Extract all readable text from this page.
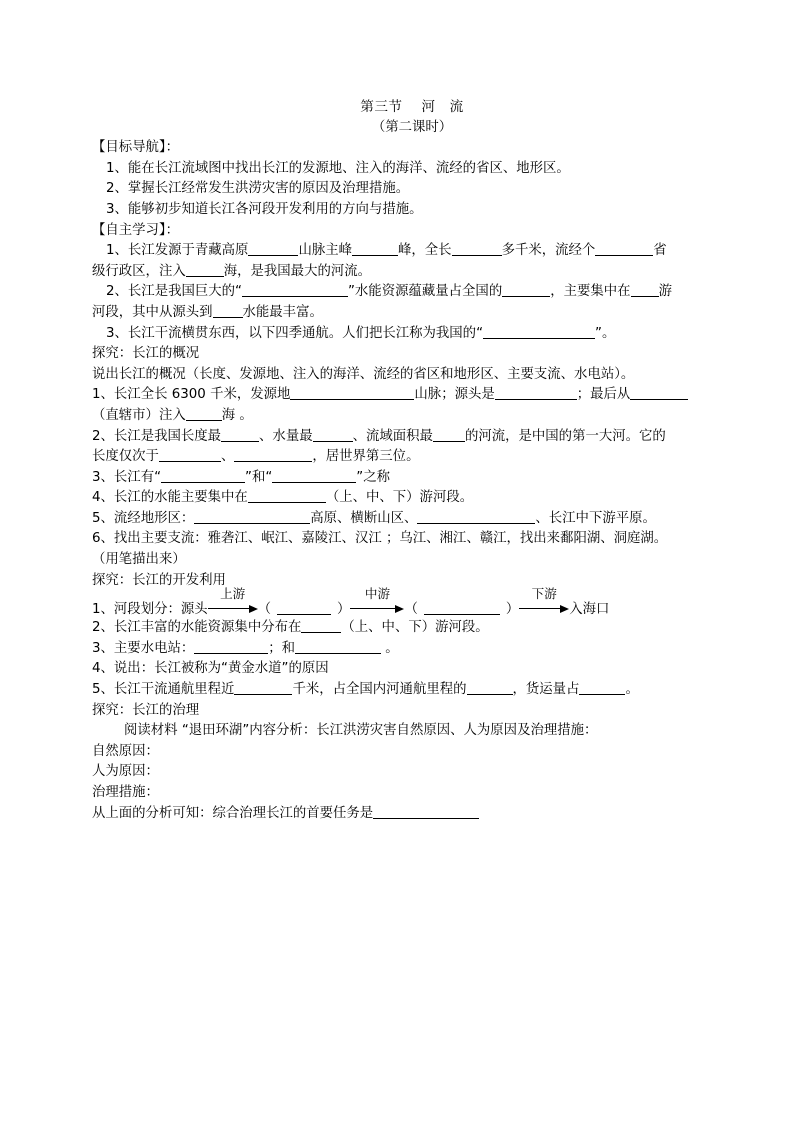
第三节　 河　流
（第二课时）
【目标导航】：
1、能在长江流域图中找出长江的发源地、注入的海洋、流经的省区、地形区。
2、掌握长江经常发生洪涝灾害的原因及治理措施。
3、能够初步知道长江各河段开发利用的方向与措施。
【自主学习】：
1、长江发源于青藏高原	山脉主峰	峰，全长	多千米，流经个	省
级行政区，注入	海，是我国最大的河流。
2、长江是我国巨大的“	”水能资源蕴藏量占全国的	，主要集中在 游
河段，其中从源头到 水能最丰富。
3、长江干流横贯东西，以下四季通航。人们把长江称为我国的“	”。
探究：长江的概况
说出长江的概况（长度、发源地、注入的海洋、流经的省区和地形区、主要支流、水电站）。
1、长江全长 6300 千米，发源地	山脉；源头是	；最后从
（直辖市）注入	海 。
2、长江是我国长度最	、水量最	、流域面积最 的河流，是中国的第一大河。它的
长度仅次于	、	，居世界第三位。
3、长江有“	”和“	”之称
4、长江的水能主要集中在	（上、中、下）游河段。
5、流经地形区：	高原、横断山区、	、长江中下游平原。
6、找出主要支流：雅砻江、岷江、嘉陵江、汉江 ；乌江、湘江、赣江，找出来鄱阳湖、洞庭湖。
（用笔描出来）
探究：长江的开发利用
1、河段划分：源头
上游
（	）
中游
（	）
下游
入海口
2、长江丰富的水能资源集中分布在	（上、中、下）游河段。
3、主要水电站：	；和	。
4、说出：长江被称为“黄金水道”的原因
5、长江干流通航里程近	千米，占全国内河通航里程的	，货运量占	。
探究：长江的治理
阅读材料 “退田环湖”内容分析：长江洪涝灾害自然原因、人为原因及治理措施：
自然原因：
人为原因：
治理措施：
从上面的分析可知：综合治理长江的首要任务是
